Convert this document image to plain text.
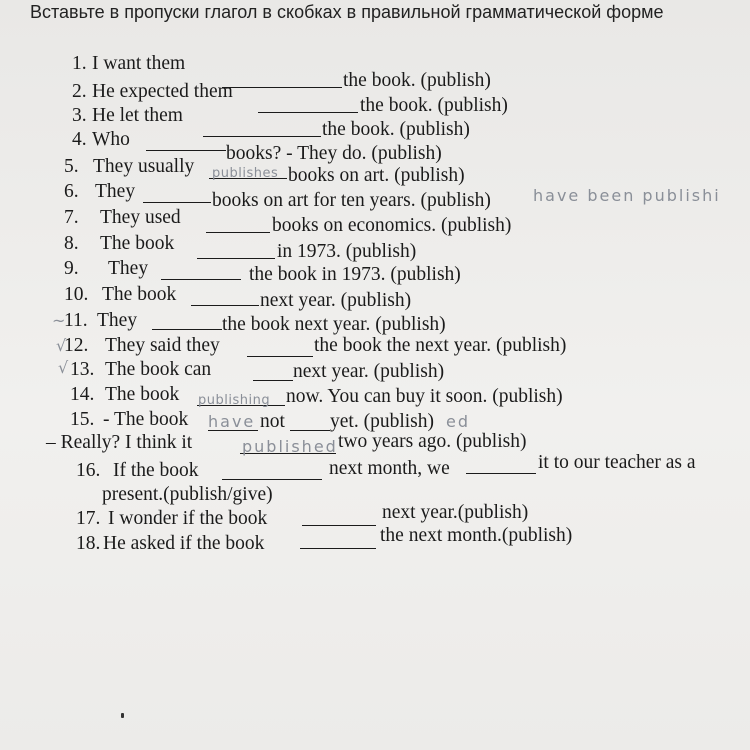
Вставьте в пропуски глагол в скобках в правильной грамматической форме
1. I want them
the book. (publish)
2. He expected them
the book. (publish)
3. He let them
the book. (publish)
4. Who
books? - They do. (publish)
5. They usually publishes books on art. (publish)
6. They	books on art for ten years. (publish)	have been publishi
7. They used	books on economics. (publish)
8. The book	in 1973. (publish)
9. They	the book in 1973. (publish)
10. The book	next year. (publish)
~
11. They	the book next year. (publish)
√
12. They said they	the book the next year. (publish)
√ 13. The book can	next year. (publish)
14. The book publishing now. You can buy it soon. (publish)
15. - The book have not yet. (publish) ed
– Really? I think it	published two years ago. (publish)
16. If the book	next month, we	it to our teacher as a
present.(publish/give)
17. I wonder if the book	next year.(publish)
18. He asked if the book	the next month.(publish)
